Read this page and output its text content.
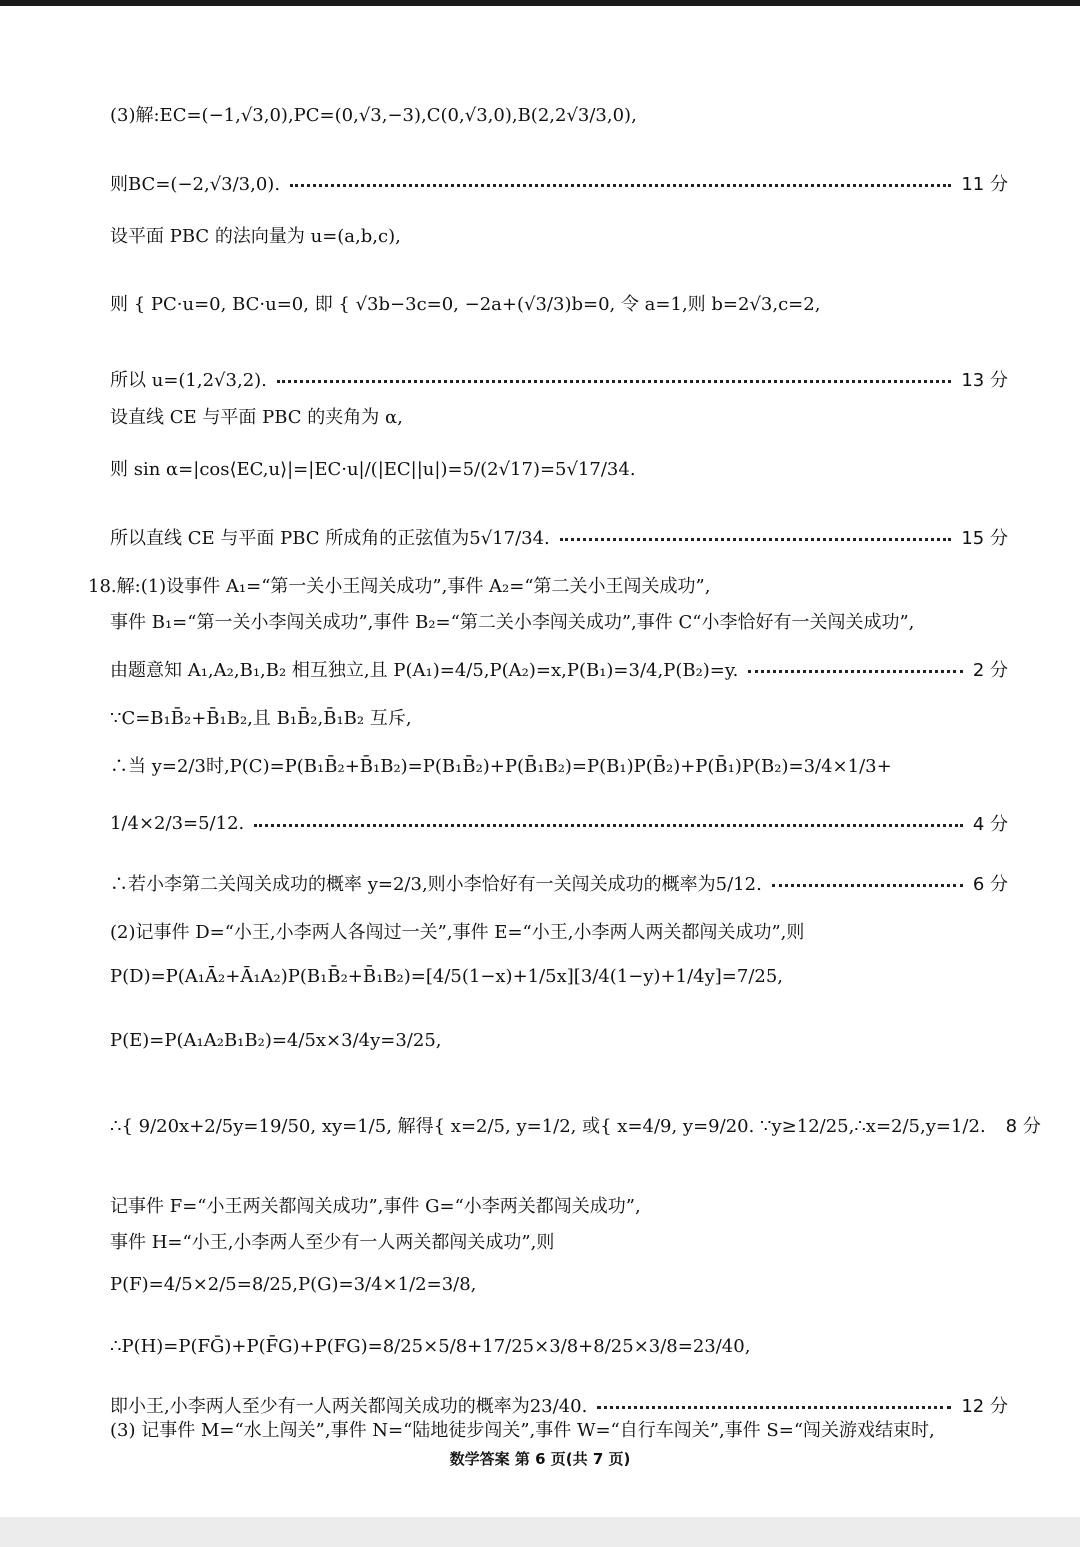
(3)解:EC=(−1,√3,0),PC=(0,√3,−3),C(0,√3,0),B(2,2√3/3,0),
则BC=(−2,√3/3,0).	11 分
设平面 PBC 的法向量为 u=(a,b,c),
则 { PC·u=0, BC·u=0, 即 { √3b−3c=0, −2a+(√3/3)b=0, 令 a=1,则 b=2√3,c=2,
所以 u=(1,2√3,2).	13 分
设直线 CE 与平面 PBC 的夹角为 α,
则 sin α=|cos⟨EC,u⟩|=|EC·u|/(|EC||u|)=5/(2√17)=5√17/34.
所以直线 CE 与平面 PBC 所成角的正弦值为5√17/34.	15 分
18.解:(1)设事件 A₁=“第一关小王闯关成功”,事件 A₂=“第二关小王闯关成功”,
事件 B₁=“第一关小李闯关成功”,事件 B₂=“第二关小李闯关成功”,事件 C“小李恰好有一关闯关成功”,
由题意知 A₁,A₂,B₁,B₂ 相互独立,且 P(A₁)=4/5,P(A₂)=x,P(B₁)=3/4,P(B₂)=y.	2 分
∵C=B₁B̄₂+B̄₁B₂,且 B₁B̄₂,B̄₁B₂ 互斥,
∴当 y=2/3时,P(C)=P(B₁B̄₂+B̄₁B₂)=P(B₁B̄₂)+P(B̄₁B₂)=P(B₁)P(B̄₂)+P(B̄₁)P(B₂)=3/4×1/3+
1/4×2/3=5/12.	4 分
∴若小李第二关闯关成功的概率 y=2/3,则小李恰好有一关闯关成功的概率为5/12.	6 分
(2)记事件 D=“小王,小李两人各闯过一关”,事件 E=“小王,小李两人两关都闯关成功”,则
P(D)=P(A₁Ā₂+Ā₁A₂)P(B₁B̄₂+B̄₁B₂)=[4/5(1−x)+1/5x][3/4(1−y)+1/4y]=7/25,
P(E)=P(A₁A₂B₁B₂)=4/5x×3/4y=3/25,
∴{ 9/20x+2/5y=19/50, xy=1/5, 解得{ x=2/5, y=1/2, 或{ x=4/9, y=9/20. ∵y≥12/25,∴x=2/5,y=1/2. 8 分
记事件 F=“小王两关都闯关成功”,事件 G=“小李两关都闯关成功”,
事件 H=“小王,小李两人至少有一人两关都闯关成功”,则
P(F)=4/5×2/5=8/25,P(G)=3/4×1/2=3/8,
∴P(H)=P(FḠ)+P(F̄G)+P(FG)=8/25×5/8+17/25×3/8+8/25×3/8=23/40,
即小王,小李两人至少有一人两关都闯关成功的概率为23/40.	12 分
(3) 记事件 M=“水上闯关”,事件 N=“陆地徒步闯关”,事件 W=“自行车闯关”,事件 S=“闯关游戏结束时,
数学答案 第 6 页(共 7 页)
